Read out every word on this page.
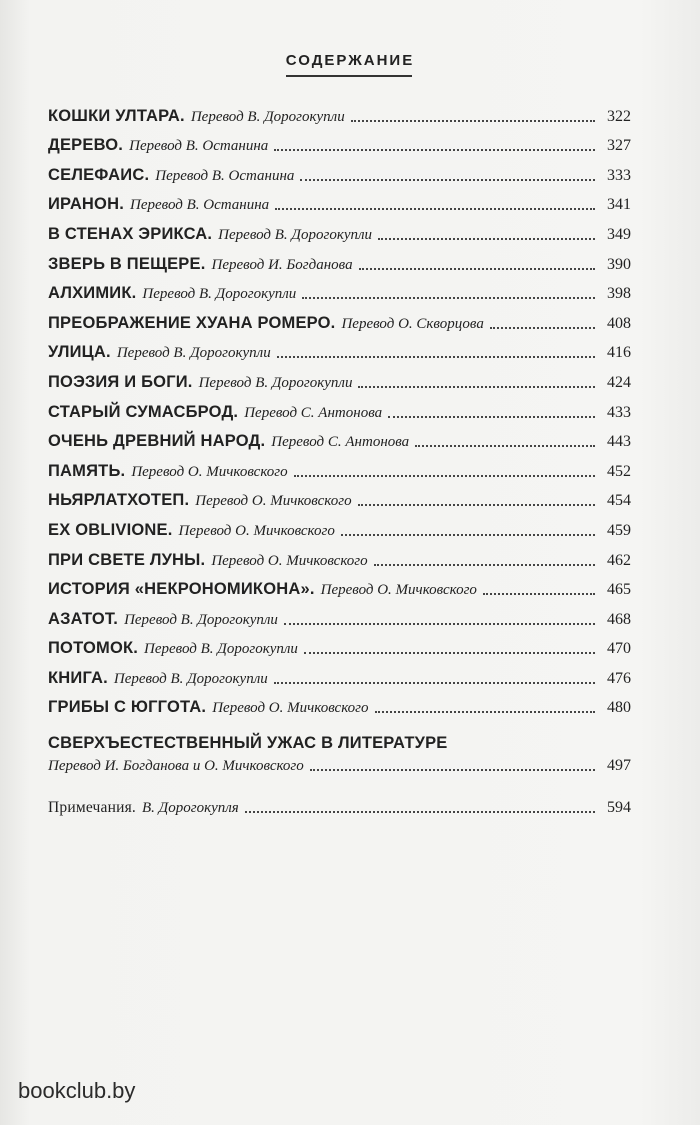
СОДЕРЖАНИЕ
КОШКИ УЛТАРА. Перевод В. Дорогокупли	322
ДЕРЕВО. Перевод В. Останина	327
СЕЛЕФАИС. Перевод В. Останина	333
ИРАНОН. Перевод В. Останина	341
В СТЕНАХ ЭРИКСА. Перевод В. Дорогокупли	349
ЗВЕРЬ В ПЕЩЕРЕ. Перевод И. Богданова	390
АЛХИМИК. Перевод В. Дорогокупли	398
ПРЕОБРАЖЕНИЕ ХУАНА РОМЕРО. Перевод О. Скворцова	408
УЛИЦА. Перевод В. Дорогокупли	416
ПОЭЗИЯ И БОГИ. Перевод В. Дорогокупли	424
СТАРЫЙ СУМАСБРОД. Перевод С. Антонова	433
ОЧЕНЬ ДРЕВНИЙ НАРОД. Перевод С. Антонова	443
ПАМЯТЬ. Перевод О. Мичковского	452
НЬЯРЛАТХОТЕП. Перевод О. Мичковского	454
EX OBLIVIONE. Перевод О. Мичковского	459
ПРИ СВЕТЕ ЛУНЫ. Перевод О. Мичковского	462
ИСТОРИЯ «НЕКРОНОМИКОНА». Перевод О. Мичковского	465
АЗАТОТ. Перевод В. Дорогокупли	468
ПОТОМОК. Перевод В. Дорогокупли	470
КНИГА. Перевод В. Дорогокупли	476
ГРИБЫ С ЮГГОТА. Перевод О. Мичковского	480
СВЕРХЪЕСТЕСТВЕННЫЙ УЖАС В ЛИТЕРАТУРЕ
Перевод И. Богданова и О. Мичковского	497
Примечания. В. Дорогокупля	594
bookclub.by
